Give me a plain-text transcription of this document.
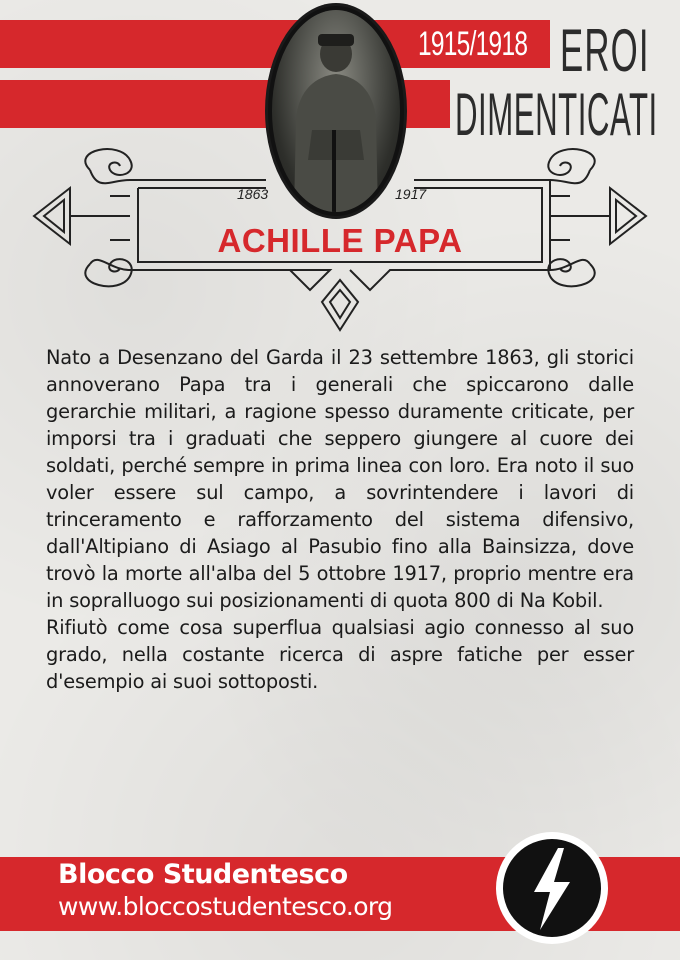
1915/1918 EROI
DIMENTICATI
1863	1917
ACHILLE PAPA

Nato a Desenzano del Garda il 23 settembre 1863, gli storici annoverano Papa tra i generali che spiccarono dalle gerarchie militari, a ragione spesso duramente criticate, per imporsi tra i graduati che seppero giungere al cuore dei soldati, perché sempre in prima linea con loro. Era noto il suo voler essere sul campo, a sovrintendere i lavori di trinceramento e rafforzamento del sistema difensivo, dall'Altipiano di Asiago al Pasubio fino alla Bainsizza, dove trovò la morte all'alba del 5 ottobre 1917, proprio mentre era in sopralluogo sui posizionamenti di quota 800 di Na Kobil.

Rifiutò come cosa superflua qualsiasi agio connesso al suo grado, nella costante ricerca di aspre fatiche per esser d'esempio ai suoi sottoposti.

Blocco Studentesco
www.bloccostudentesco.org
